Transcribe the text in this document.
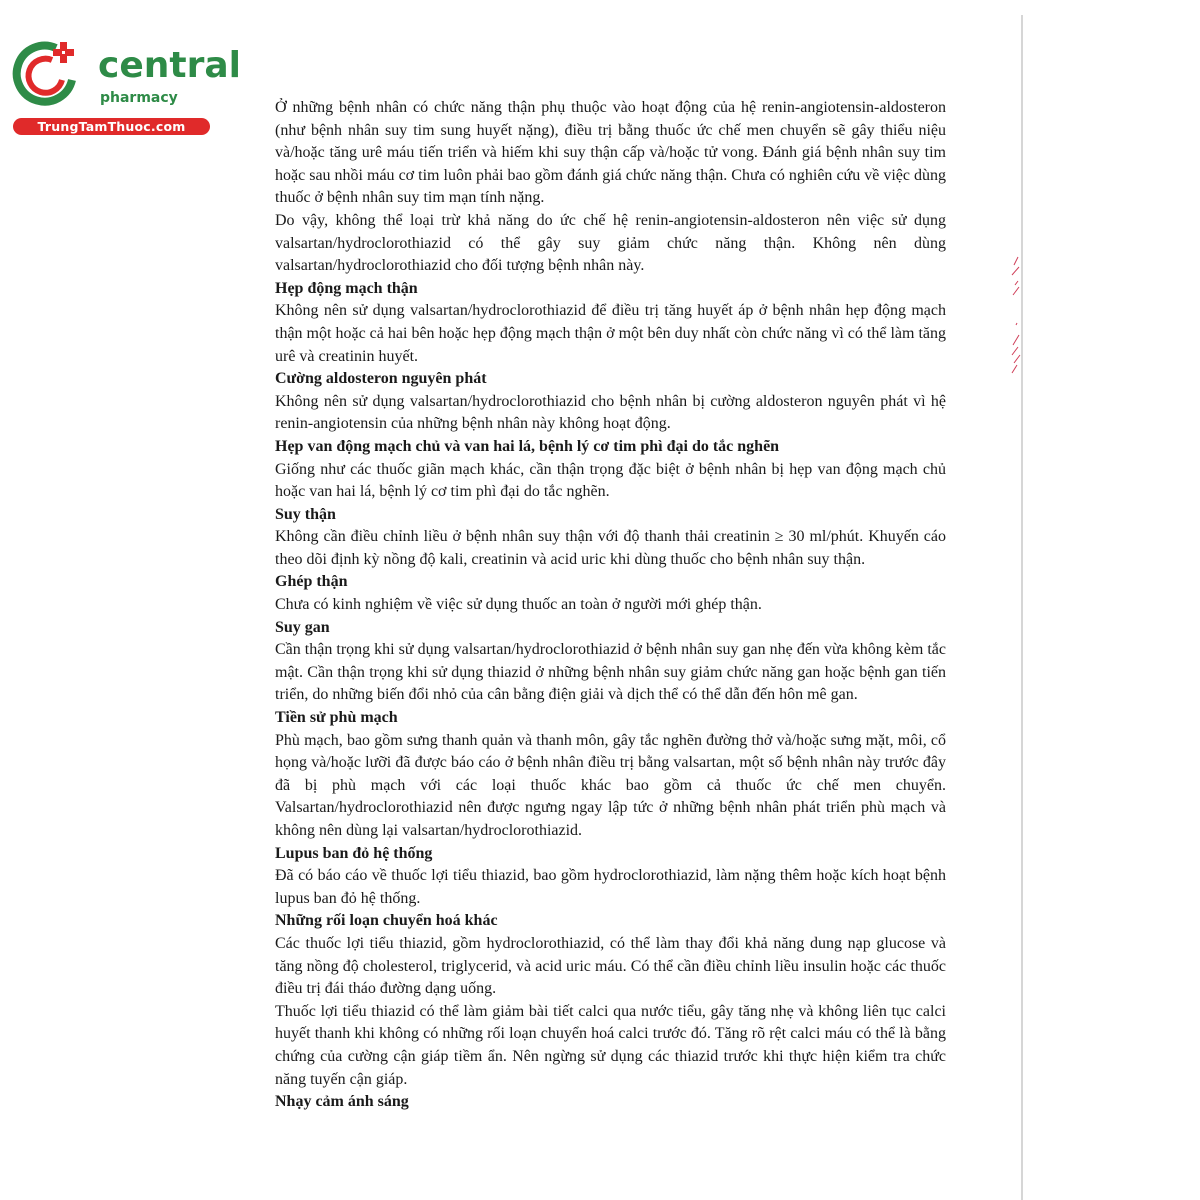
central
pharmacy
TrungTamThuoc.com

Ở những bệnh nhân có chức năng thận phụ thuộc vào hoạt động của hệ renin-angiotensin-aldosteron (như bệnh nhân suy tim sung huyết nặng), điều trị bằng thuốc ức chế men chuyển sẽ gây thiểu niệu và/hoặc tăng urê máu tiến triển và hiếm khi suy thận cấp và/hoặc tử vong. Đánh giá bệnh nhân suy tim hoặc sau nhồi máu cơ tim luôn phải bao gồm đánh giá chức năng thận. Chưa có nghiên cứu về việc dùng thuốc ở bệnh nhân suy tim mạn tính nặng.

Do vậy, không thể loại trừ khả năng do ức chế hệ renin-angiotensin-aldosteron nên việc sử dụng valsartan/hydroclorothiazid có thể gây suy giảm chức năng thận. Không nên dùng valsartan/hydroclorothiazid cho đối tượng bệnh nhân này.

Hẹp động mạch thận

Không nên sử dụng valsartan/hydroclorothiazid để điều trị tăng huyết áp ở bệnh nhân hẹp động mạch thận một hoặc cả hai bên hoặc hẹp động mạch thận ở một bên duy nhất còn chức năng vì có thể làm tăng urê và creatinin huyết.

Cường aldosteron nguyên phát

Không nên sử dụng valsartan/hydroclorothiazid cho bệnh nhân bị cường aldosteron nguyên phát vì hệ renin-angiotensin của những bệnh nhân này không hoạt động.

Hẹp van động mạch chủ và van hai lá, bệnh lý cơ tim phì đại do tắc nghẽn

Giống như các thuốc giãn mạch khác, cần thận trọng đặc biệt ở bệnh nhân bị hẹp van động mạch chủ hoặc van hai lá, bệnh lý cơ tim phì đại do tắc nghẽn.

Suy thận

Không cần điều chỉnh liều ở bệnh nhân suy thận với độ thanh thải creatinin ≥ 30 ml/phút. Khuyến cáo theo dõi định kỳ nồng độ kali, creatinin và acid uric khi dùng thuốc cho bệnh nhân suy thận.

Ghép thận

Chưa có kinh nghiệm về việc sử dụng thuốc an toàn ở người mới ghép thận.

Suy gan

Cần thận trọng khi sử dụng valsartan/hydroclorothiazid ở bệnh nhân suy gan nhẹ đến vừa không kèm tắc mật. Cần thận trọng khi sử dụng thiazid ở những bệnh nhân suy giảm chức năng gan hoặc bệnh gan tiến triển, do những biến đổi nhỏ của cân bằng điện giải và dịch thể có thể dẫn đến hôn mê gan.

Tiền sử phù mạch

Phù mạch, bao gồm sưng thanh quản và thanh môn, gây tắc nghẽn đường thở và/hoặc sưng mặt, môi, cổ họng và/hoặc lưỡi đã được báo cáo ở bệnh nhân điều trị bằng valsartan, một số bệnh nhân này trước đây đã bị phù mạch với các loại thuốc khác bao gồm cả thuốc ức chế men chuyển. Valsartan/hydroclorothiazid nên được ngưng ngay lập tức ở những bệnh nhân phát triển phù mạch và không nên dùng lại valsartan/hydroclorothiazid.

Lupus ban đỏ hệ thống

Đã có báo cáo về thuốc lợi tiểu thiazid, bao gồm hydroclorothiazid, làm nặng thêm hoặc kích hoạt bệnh lupus ban đỏ hệ thống.

Những rối loạn chuyển hoá khác

Các thuốc lợi tiểu thiazid, gồm hydroclorothiazid, có thể làm thay đổi khả năng dung nạp glucose và tăng nồng độ cholesterol, triglycerid, và acid uric máu. Có thể cần điều chỉnh liều insulin hoặc các thuốc điều trị đái tháo đường dạng uống.

Thuốc lợi tiểu thiazid có thể làm giảm bài tiết calci qua nước tiểu, gây tăng nhẹ và không liên tục calci huyết thanh khi không có những rối loạn chuyển hoá calci trước đó. Tăng rõ rệt calci máu có thể là bằng chứng của cường cận giáp tiềm ẩn. Nên ngừng sử dụng các thiazid trước khi thực hiện kiểm tra chức năng tuyến cận giáp.

Nhạy cảm ánh sáng
